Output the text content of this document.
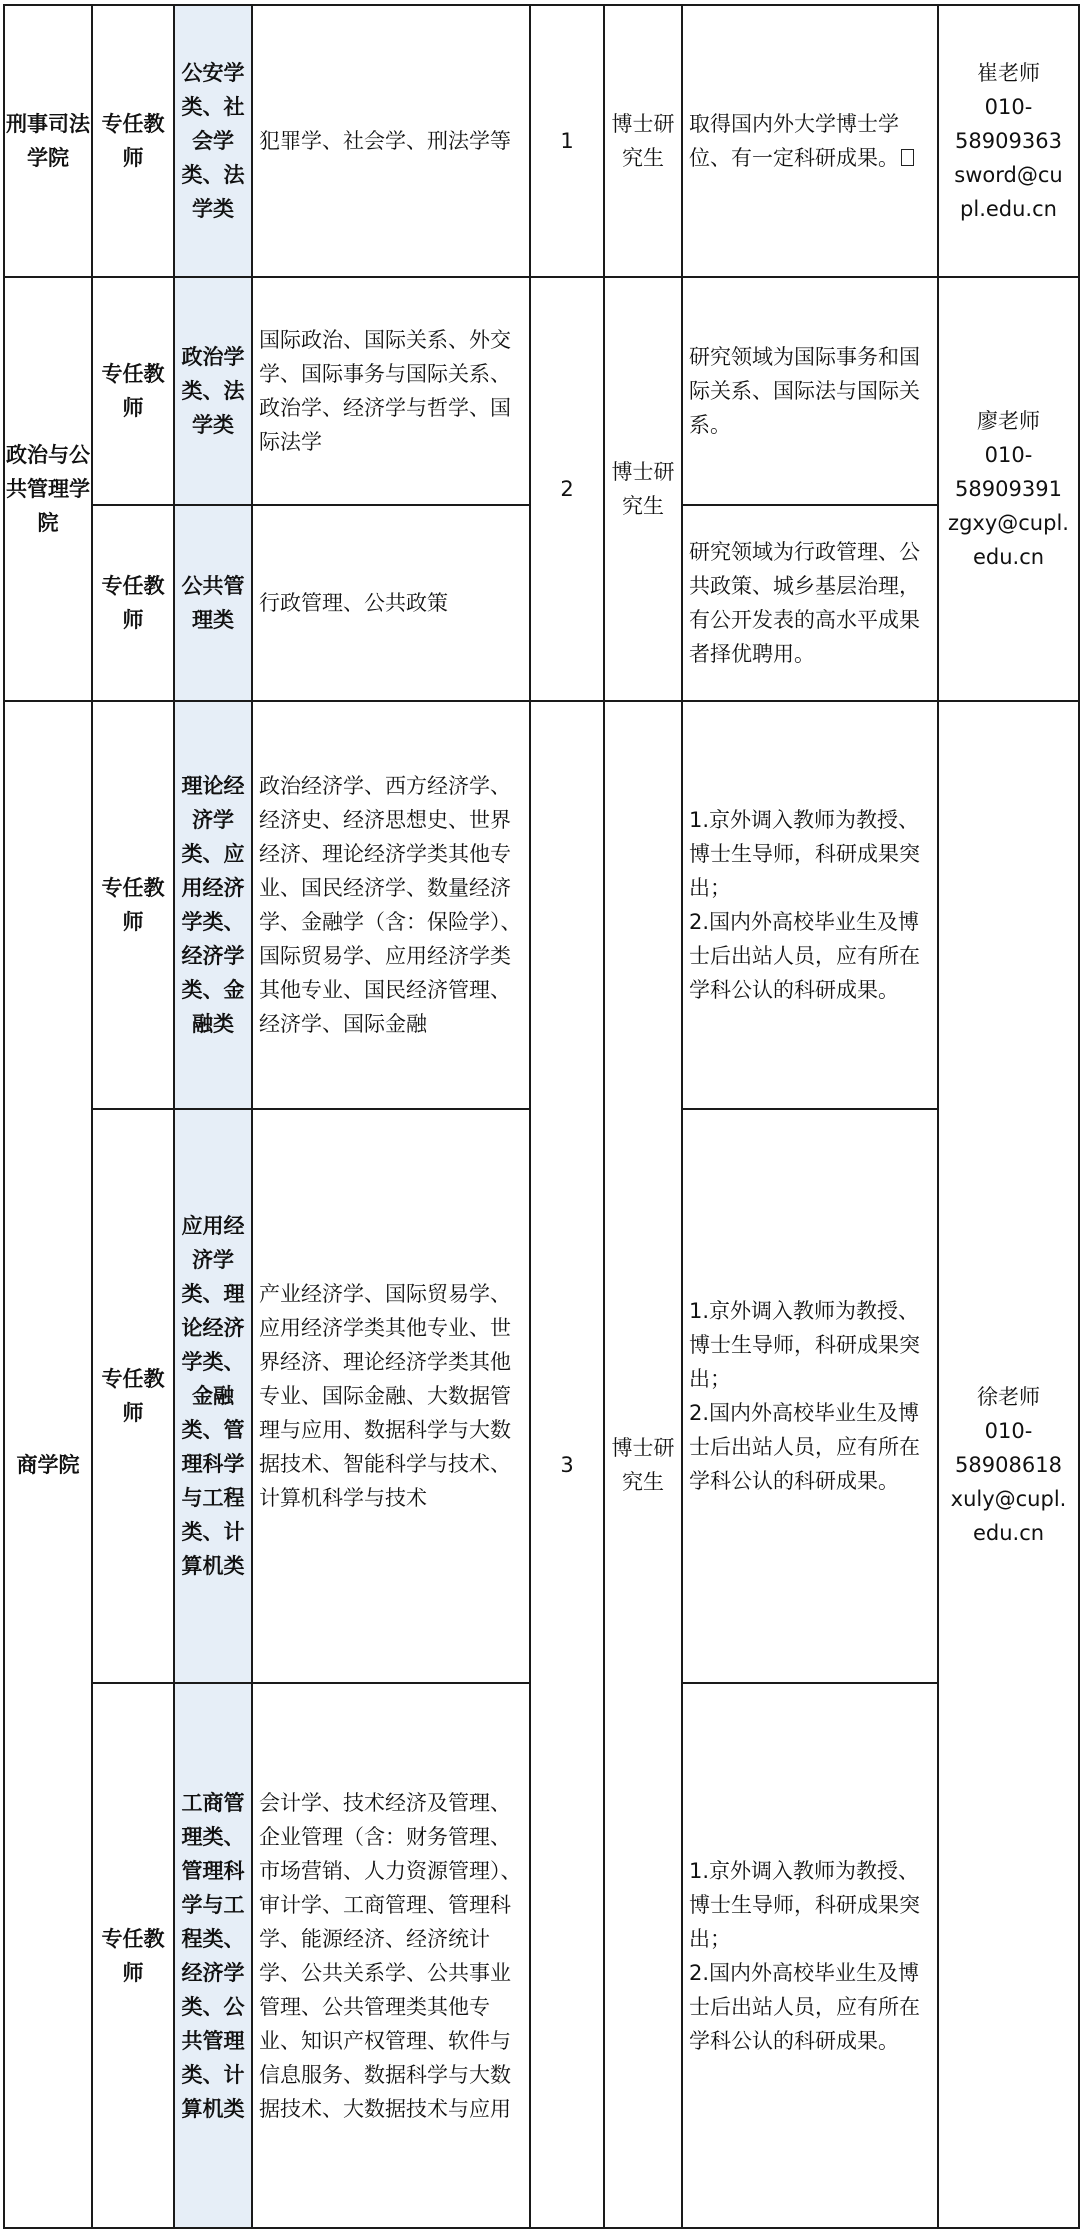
刑事司法学院	专任教师	公安学类、社会学类、法学类	犯罪学、社会学、刑法学等	1	博士研究生	取得国内外大学博士学位、有一定科研成果。	崔老师
010-
58909363
sword@cu
pl.edu.cn

政治与公共管理学院	专任教师	政治学类、法学类	国际政治、国际关系、外交学、国际事务与国际关系、政治学、经济学与哲学、国际法学	2	博士研究生	研究领域为国际事务和国际关系、国际法与国际关系。	廖老师
010-
58909391
zgxy@cupl.
edu.cn

	专任教师	公共管理类	行政管理、公共政策			研究领域为行政管理、公共政策、城乡基层治理，有公开发表的高水平成果者择优聘用。	
商学院	专任教师	理论经济学类、应用经济学类、经济学类、金融类	政治经济学、西方经济学、经济史、经济思想史、世界经济、理论经济学类其他专业、国民经济学、数量经济学、金融学（含：保险学）、国际贸易学、应用经济学类其他专业、国民经济管理、经济学、国际金融	3	博士研究生	1.京外调入教师为教授、博士生导师，科研成果突出；
2.国内外高校毕业生及博士后出站人员，应有所在学科公认的科研成果。	徐老师
010-
58908618
xuly@cupl.
edu.cn

	专任教师	应用经济学类、理论经济学类、金融类、管理科学与工程类、计算机类	产业经济学、国际贸易学、应用经济学类其他专业、世界经济、理论经济学类其他专业、国际金融、大数据管理与应用、数据科学与大数据技术、智能科学与技术、计算机科学与技术			1.京外调入教师为教授、博士生导师，科研成果突出；
2.国内外高校毕业生及博士后出站人员，应有所在学科公认的科研成果。	

	专任教师	工商管理类、管理科学与工程类、经济学类、公共管理类、计算机类	会计学、技术经济及管理、企业管理（含：财务管理、市场营销、人力资源管理）、审计学、工商管理、管理科学、能源经济、经济统计学、公共关系学、公共事业管理、公共管理类其他专业、知识产权管理、软件与信息服务、数据科学与大数据技术、大数据技术与应用			1.京外调入教师为教授、博士生导师，科研成果突出；
2.国内外高校毕业生及博士后出站人员，应有所在学科公认的科研成果。	
